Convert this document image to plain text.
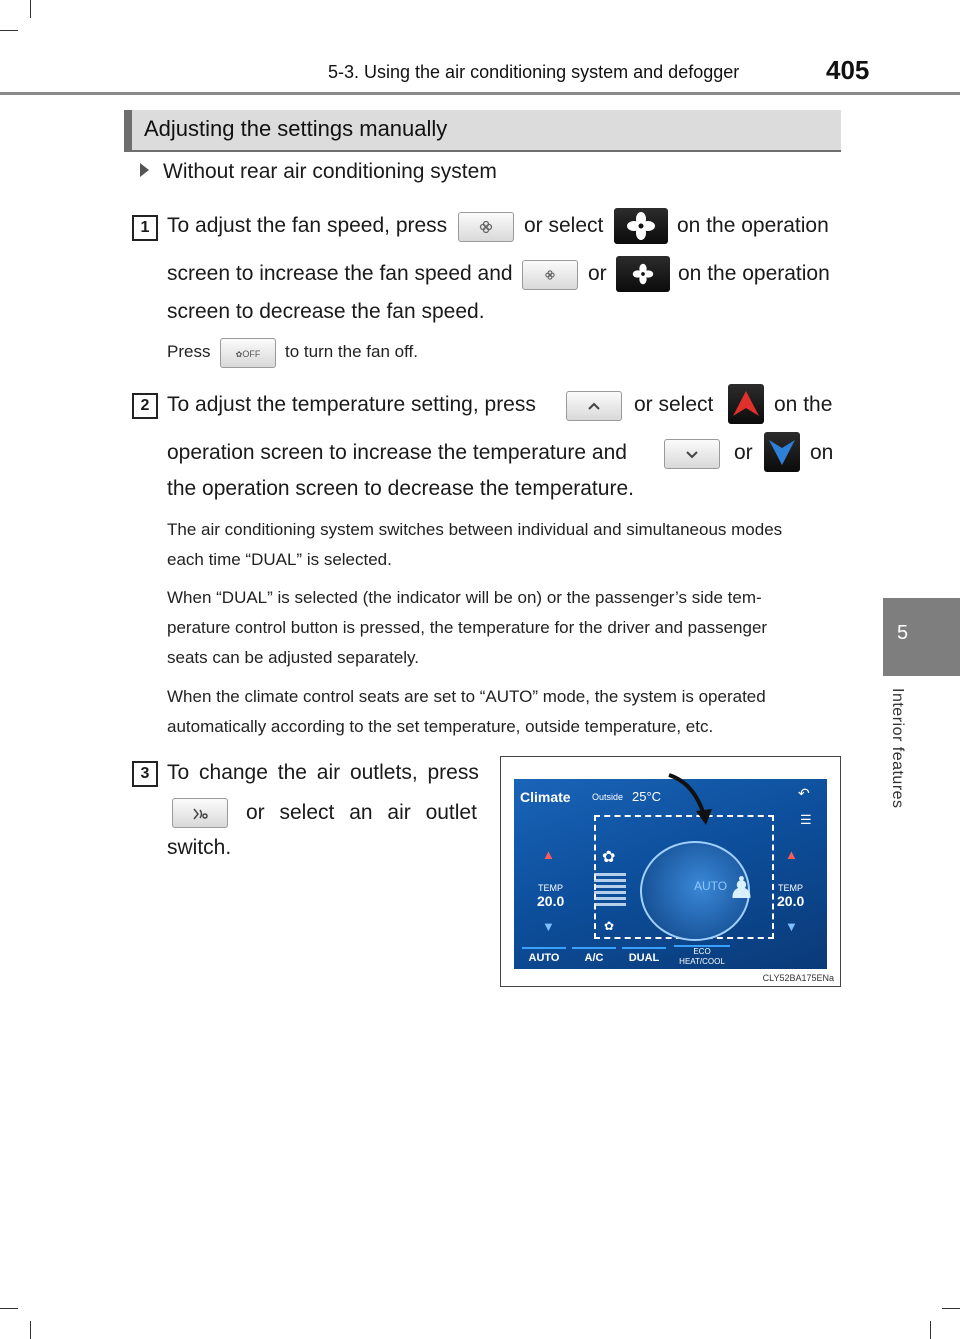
5-3. Using the air conditioning system and defogger	405
5
Interior features
Adjusting the settings manually
Without rear air conditioning system
1 To adjust the fan speed, press	or select	on the operation
screen to increase the fan speed and	or	on the operation
screen to decrease the fan speed.
Press	✿OFF	to turn the fan off.
2 To adjust the temperature setting, press	or select	on the
operation screen to increase the temperature and	or	on
the operation screen to decrease the temperature.
The air conditioning system switches between individual and simultaneous modes
each time “DUAL” is selected.
When “DUAL” is selected (the indicator will be on) or the passenger’s side tem-
perature control button is pressed, the temperature for the driver and passenger
seats can be adjusted separately.
When the climate control seats are set to “AUTO” mode, the system is operated
automatically according to the set temperature, outside temperature, etc.
3 To change the air outlets, press
or select an air outlet
switch.
Climate Outside 25°C	↶
☰
▲
TEMP
20.0
▼
✿
✿
AUTO ♟
▲
TEMP
20.0
▼
AUTO	A/C	DUAL
ECO
HEAT/COOL
CLY52BA175ENa
